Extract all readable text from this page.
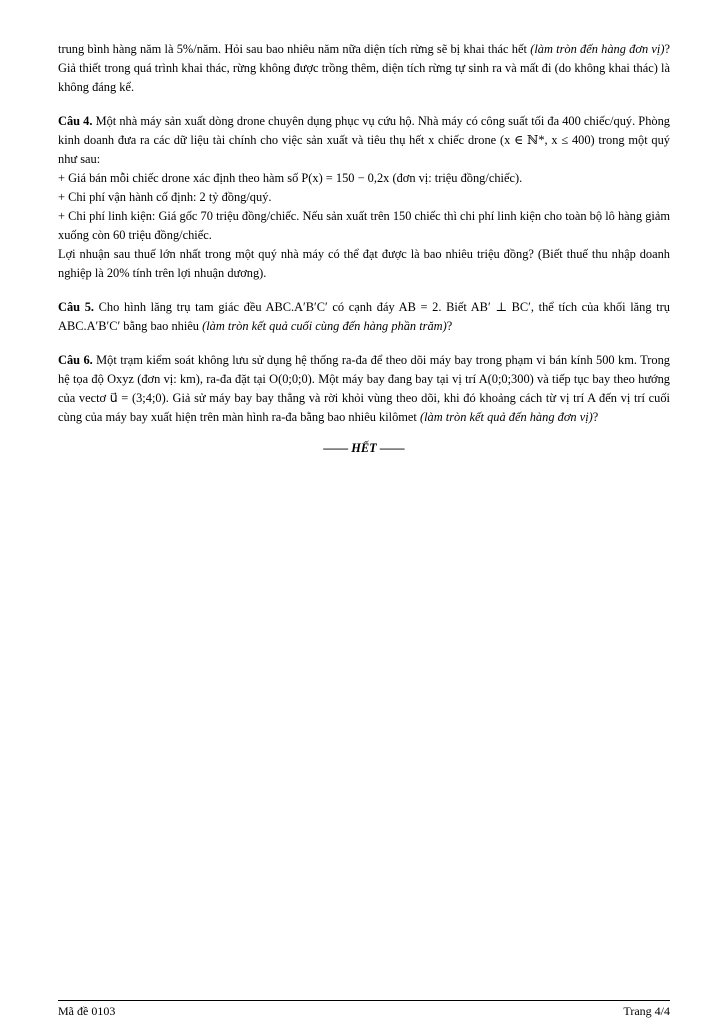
trung bình hàng năm là 5%/năm. Hỏi sau bao nhiêu năm nữa diện tích rừng sẽ bị khai thác hết (làm tròn đến hàng đơn vị)? Giả thiết trong quá trình khai thác, rừng không được trồng thêm, diện tích rừng tự sinh ra và mất đi (do không khai thác) là không đáng kể.

Câu 4. Một nhà máy sản xuất dòng drone chuyên dụng phục vụ cứu hộ. Nhà máy có công suất tối đa 400 chiếc/quý. Phòng kinh doanh đưa ra các dữ liệu tài chính cho việc sản xuất và tiêu thụ hết x chiếc drone (x ∈ ℕ*, x ≤ 400) trong một quý như sau:

+ Giá bán mỗi chiếc drone xác định theo hàm số P(x) = 150 − 0,2x (đơn vị: triệu đồng/chiếc).

+ Chi phí vận hành cố định: 2 tỷ đồng/quý.

+ Chi phí linh kiện: Giá gốc 70 triệu đồng/chiếc. Nếu sản xuất trên 150 chiếc thì chi phí linh kiện cho toàn bộ lô hàng giảm xuống còn 60 triệu đồng/chiếc.

Lợi nhuận sau thuế lớn nhất trong một quý nhà máy có thể đạt được là bao nhiêu triệu đồng? (Biết thuế thu nhập doanh nghiệp là 20% tính trên lợi nhuận dương).

Câu 5. Cho hình lăng trụ tam giác đều ABC.A′B′C′ có cạnh đáy AB = 2. Biết AB′ ⊥ BC′, thể tích của khối lăng trụ ABC.A′B′C′ bằng bao nhiêu (làm tròn kết quả cuối cùng đến hàng phần trăm)?

Câu 6. Một trạm kiểm soát không lưu sử dụng hệ thống ra-đa để theo dõi máy bay trong phạm vi bán kính 500 km. Trong hệ tọa độ Oxyz (đơn vị: km), ra-đa đặt tại O(0;0;0). Một máy bay đang bay tại vị trí A(0;0;300) và tiếp tục bay theo hướng của vectơ u⃗ = (3;4;0). Giả sử máy bay bay thẳng và rời khỏi vùng theo dõi, khi đó khoảng cách từ vị trí A đến vị trí cuối cùng của máy bay xuất hiện trên màn hình ra-đa bằng bao nhiêu kilômet (làm tròn kết quả đến hàng đơn vị)?

—— HẾT ——
Mã đề 0103	Trang 4/4
